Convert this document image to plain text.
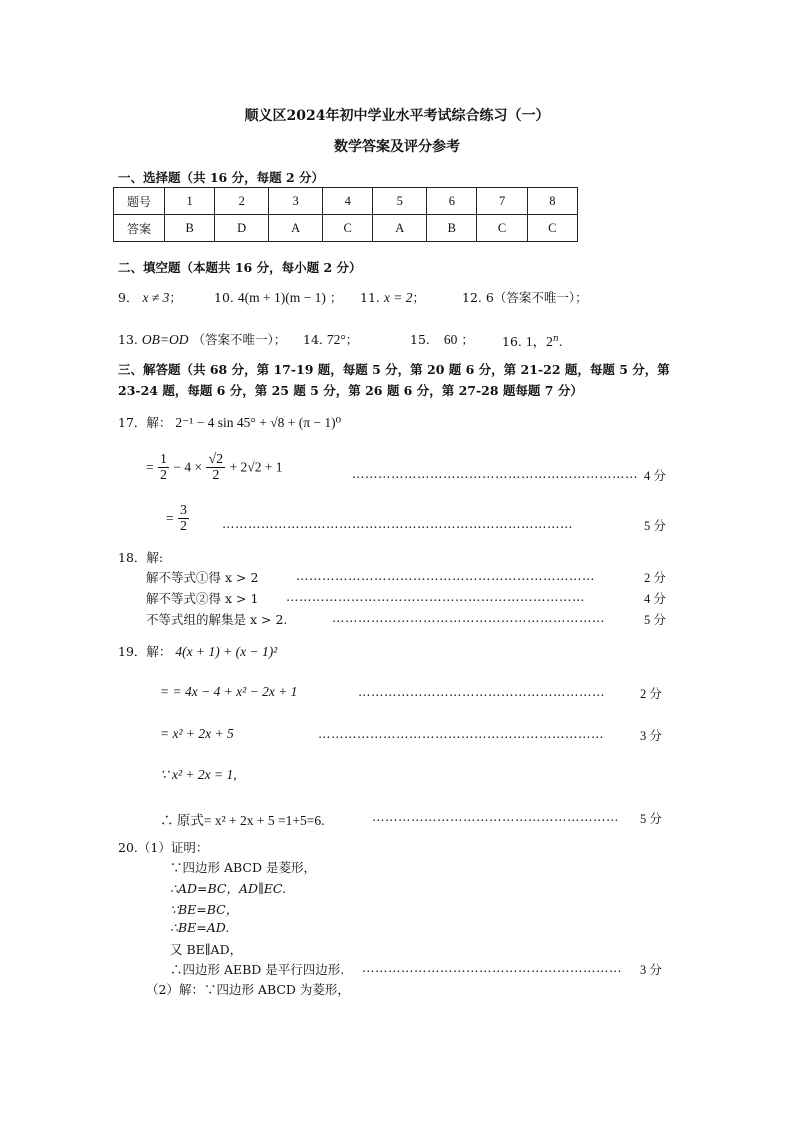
顺义区2024年初中学业水平考试综合练习（一）
数学答案及评分参考
一、选择题（共 16 分，每题 2 分）
题号	1	2	3	4	5	6	7	8
答案	B	D	A	C	A	B	C	C
二、填空题（本题共 16 分，每小题 2 分）
9． x ≠ 3；	10. 4(m + 1)(m − 1) ； 11. x = 2；	12. 6（答案不唯一）；
13. OB=OD （答案不唯一）； 14. 72°；	15. 60 ； 16. 1，2$^n$.
三、解答题（共 68 分，第 17-19 题，每题 5 分，第 20 题 6 分，第 21-22 题，每题 5 分，第
23-24 题，每题 6 分，第 25 题 5 分，第 26 题 6 分，第 27-28 题每题 7 分）
17．解： 2⁻¹ − 4 sin 45° + √8 + (π − 1)⁰
= $\frac{1}{2} - 4 \times \frac{√2}{2} + 2√2 + 1$	………………………………………………………… 4 分
= $\frac{3}{2}$	………………………………………………………………………	5 分
18．解:
解不等式①得 x > 2	……………………………………………………………	2 分
解不等式②得 x > 1 ……………………………………………………………	4 分
不等式组的解集是 x > 2.	………………………………………………………	5 分
19．解： 4(x + 1) + (x − 1)²
= = 4x − 4 + x² − 2x + 1	…………………………………………………	2 分
= x² + 2x + 5	…………………………………………………………	3 分
∵ x² + 2x = 1,
∴ 原式= x² + 2x + 5 =1+5=6.	………………………………………………… 5 分
20.（1）证明：
∵四边形 ABCD 是菱形，
∴AD=BC，AD∥EC.
∵BE=BC，
∴BE=AD.
又 BE∥AD，
∴四边形 AEBD 是平行四边形. …………………………………………………… 3 分
（2）解：∵四边形 ABCD 为菱形，
